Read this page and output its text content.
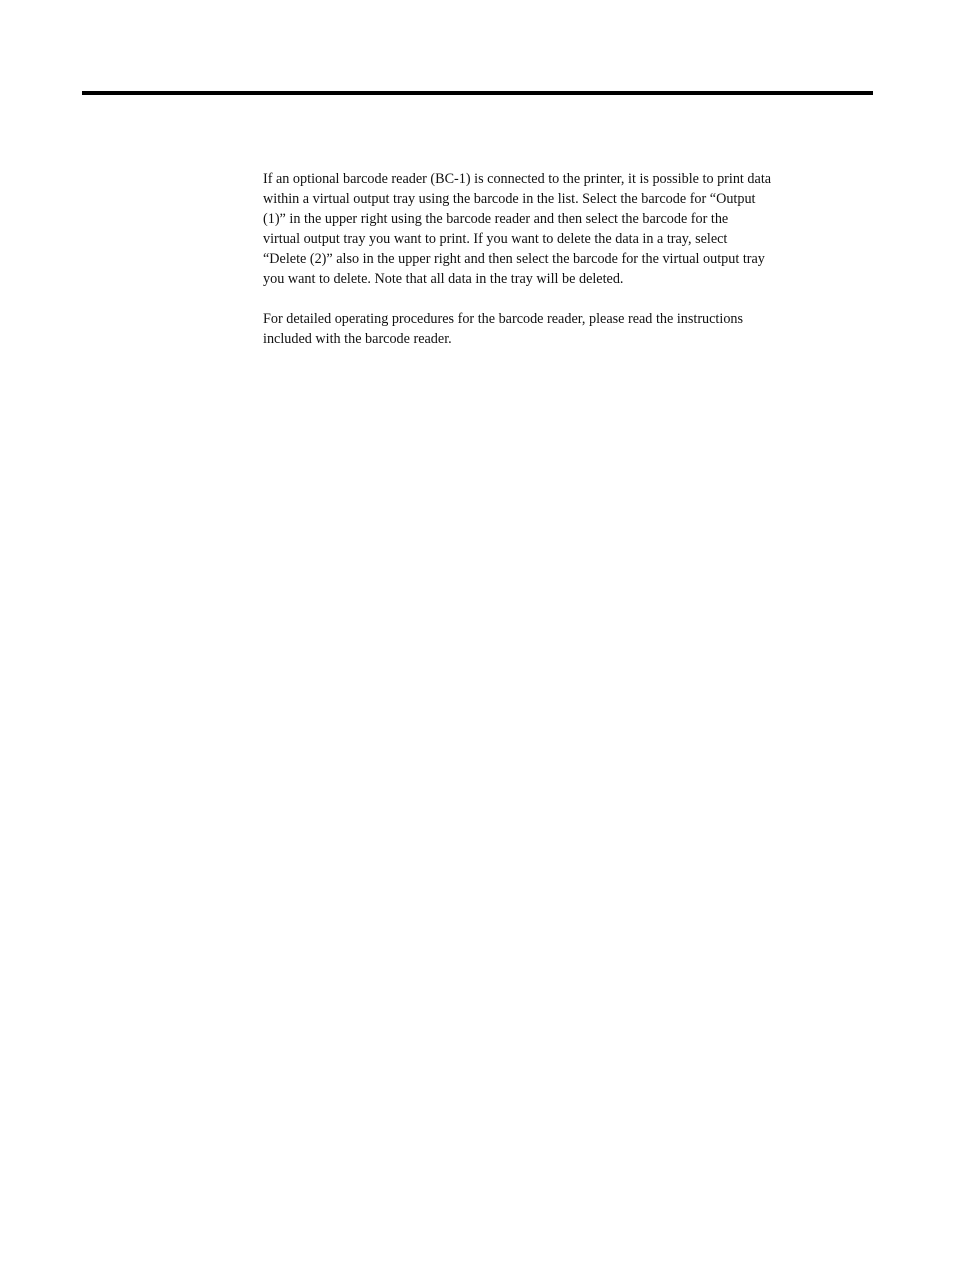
If an optional barcode reader (BC-1) is connected to the printer, it is possible to print data
within a virtual output tray using the barcode in the list. Select the barcode for “Output
(1)” in the upper right using the barcode reader and then select the barcode for the
virtual output tray you want to print. If you want to delete the data in a tray, select
“Delete (2)” also in the upper right and then select the barcode for the virtual output tray
you want to delete. Note that all data in the tray will be deleted.

For detailed operating procedures for the barcode reader, please read the instructions
included with the barcode reader.
